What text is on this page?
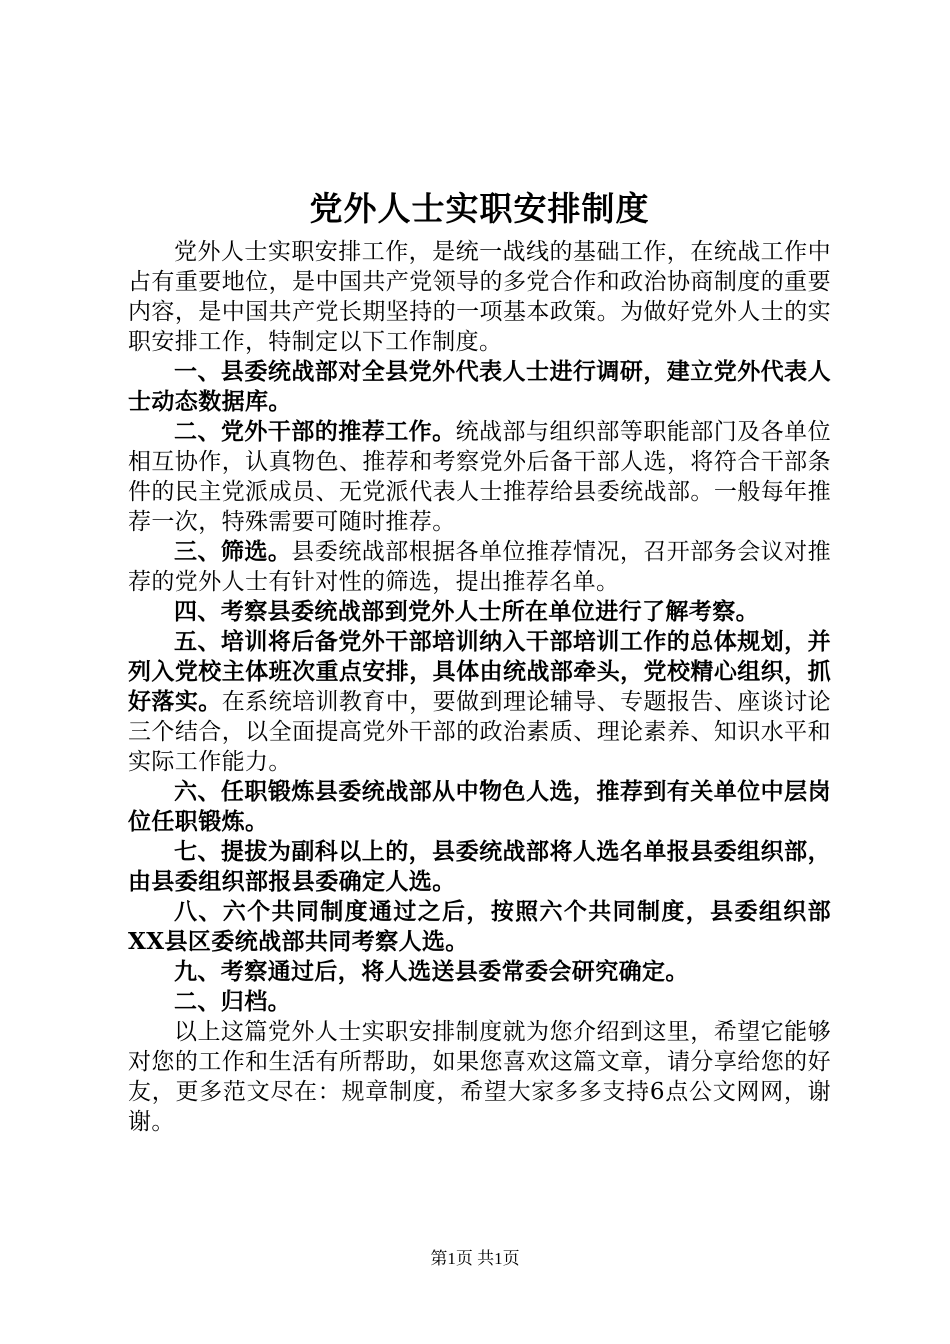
党外人士实职安排制度

党外人士实职安排工作，是统一战线的基础工作，在统战工作中占有重要地位，是中国共产党领导的多党合作和政治协商制度的重要内容，是中国共产党长期坚持的一项基本政策。为做好党外人士的实职安排工作，特制定以下工作制度。

一、县委统战部对全县党外代表人士进行调研，建立党外代表人士动态数据库。

二、党外干部的推荐工作。统战部与组织部等职能部门及各单位相互协作，认真物色、推荐和考察党外后备干部人选，将符合干部条件的民主党派成员、无党派代表人士推荐给县委统战部。一般每年推荐一次，特殊需要可随时推荐。

三、筛选。县委统战部根据各单位推荐情况，召开部务会议对推荐的党外人士有针对性的筛选，提出推荐名单。

四、考察县委统战部到党外人士所在单位进行了解考察。

五、培训将后备党外干部培训纳入干部培训工作的总体规划，并列入党校主体班次重点安排，具体由统战部牵头，党校精心组织，抓好落实。在系统培训教育中，要做到理论辅导、专题报告、座谈讨论三个结合，以全面提高党外干部的政治素质、理论素养、知识水平和实际工作能力。

六、任职锻炼县委统战部从中物色人选，推荐到有关单位中层岗位任职锻炼。

七、提拔为副科以上的，县委统战部将人选名单报县委组织部，由县委组织部报县委确定人选。

八、六个共同制度通过之后，按照六个共同制度，县委组织部XX县区委统战部共同考察人选。

九、考察通过后，将人选送县委常委会研究确定。

二、归档。

以上这篇党外人士实职安排制度就为您介绍到这里，希望它能够对您的工作和生活有所帮助，如果您喜欢这篇文章，请分享给您的好友，更多范文尽在：规章制度，希望大家多多支持6点公文网网，谢谢。

第1页 共1页
